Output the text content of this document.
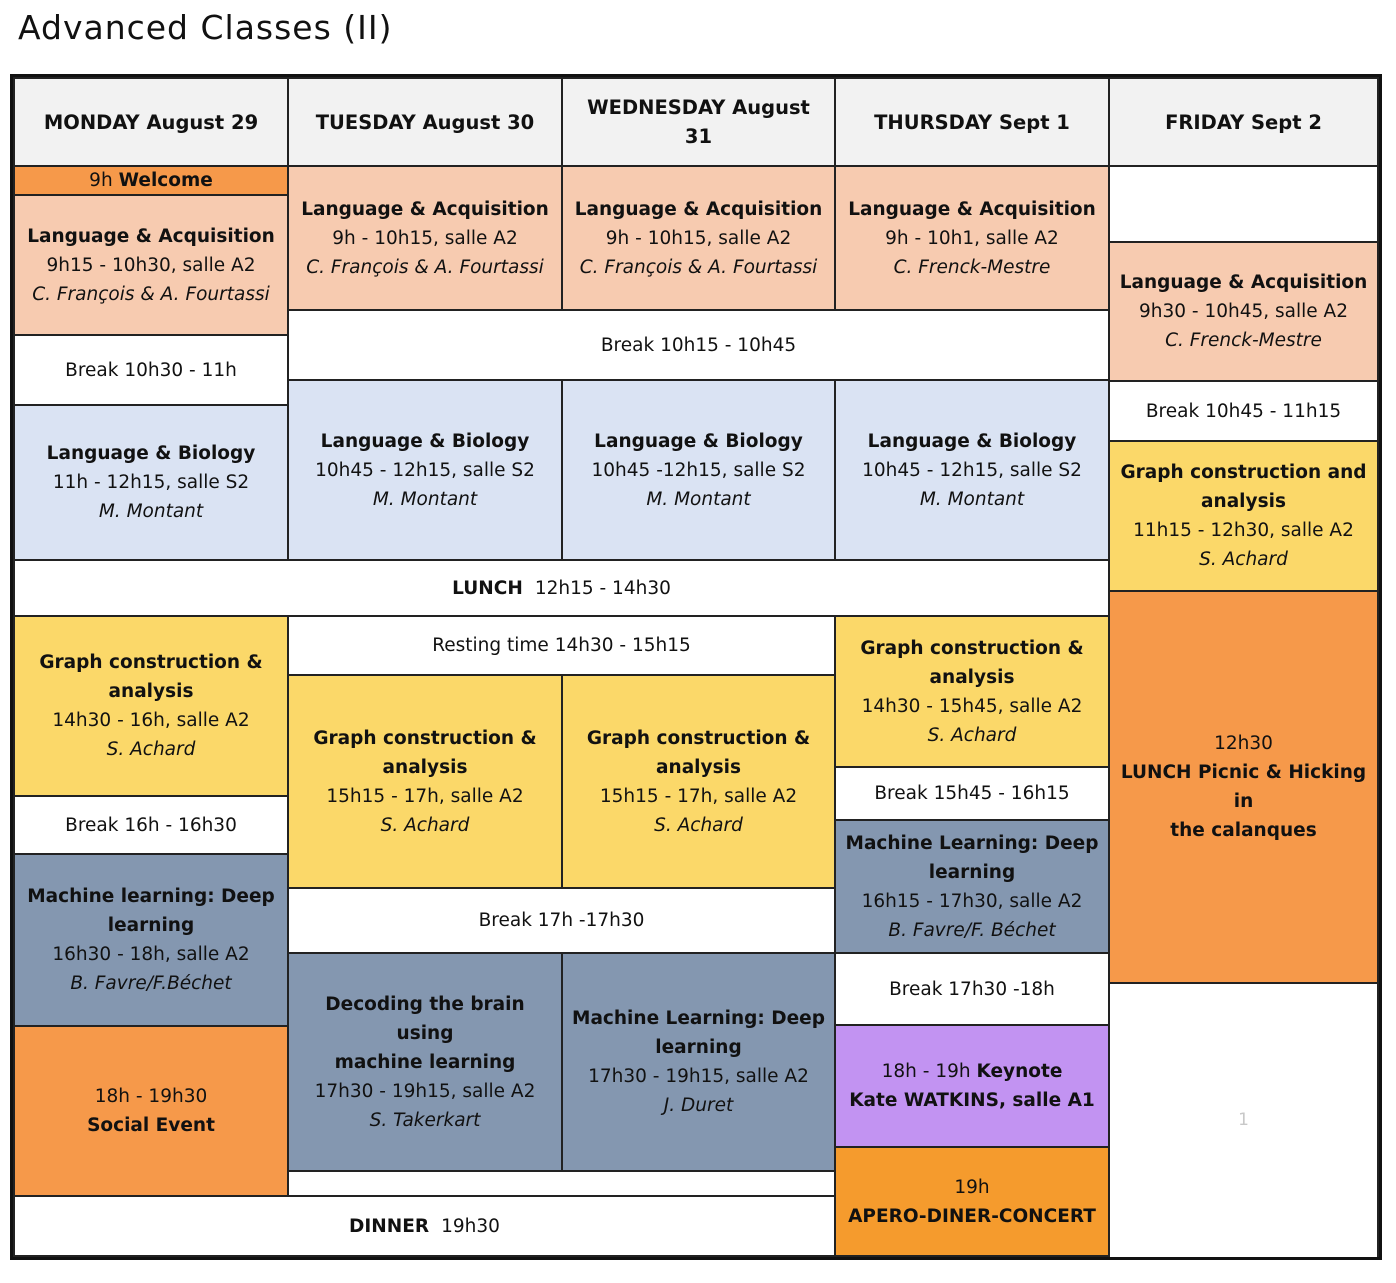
Advanced Classes (II)
MONDAY August 29	TUESDAY August 30
WEDNESDAY August 31
THURSDAY Sept 1	FRIDAY Sept 2
9h Welcome
Language & Acquisition
9h15 - 10h30, salle A2
C. François & A. Fourtassi
Break 10h30 - 11h
Language & Biology
11h - 12h15, salle S2
M. Montant
Graph construction &
analysis
14h30 - 16h, salle A2
S. Achard
Break 16h - 16h30
Machine learning: Deep
learning
16h30 - 18h, salle A2
B. Favre/F.Béchet
18h - 19h30
Social Event
Language & Acquisition
9h - 10h15, salle A2
C. François & A. Fourtassi
Break 10h15 - 10h45
Language & Biology
10h45 - 12h15, salle S2
M. Montant
Resting time 14h30 - 15h15
Graph construction &
analysis
15h15 - 17h, salle A2
S. Achard
Break 17h -17h30
Decoding the brain using
machine learning
17h30 - 19h15, salle A2
S. Takerkart
Language & Acquisition
9h - 10h15, salle A2
C. François & A. Fourtassi
Language & Biology
10h45 -12h15, salle S2
M. Montant
Graph construction &
analysis
15h15 - 17h, salle A2
S. Achard
Machine Learning: Deep
learning
17h30 - 19h15, salle A2
J. Duret
LUNCH 12h15 - 14h30
DINNER 19h30
Language & Acquisition
9h - 10h1, salle A2
C. Frenck-Mestre
Language & Biology
10h45 - 12h15, salle S2
M. Montant
Graph construction &
analysis
14h30 - 15h45, salle A2
S. Achard
Break 15h45 - 16h15
Machine Learning: Deep
learning
16h15 - 17h30, salle A2
B. Favre/F. Béchet
Break 17h30 -18h
18h - 19h Keynote
Kate WATKINS, salle A1
19h
APERO-DINER-CONCERT
Language & Acquisition
9h30 - 10h45, salle A2
C. Frenck-Mestre
Break 10h45 - 11h15
Graph construction and
analysis
11h15 - 12h30, salle A2
S. Achard
12h30
LUNCH Picnic & Hicking in
the calanques
1
